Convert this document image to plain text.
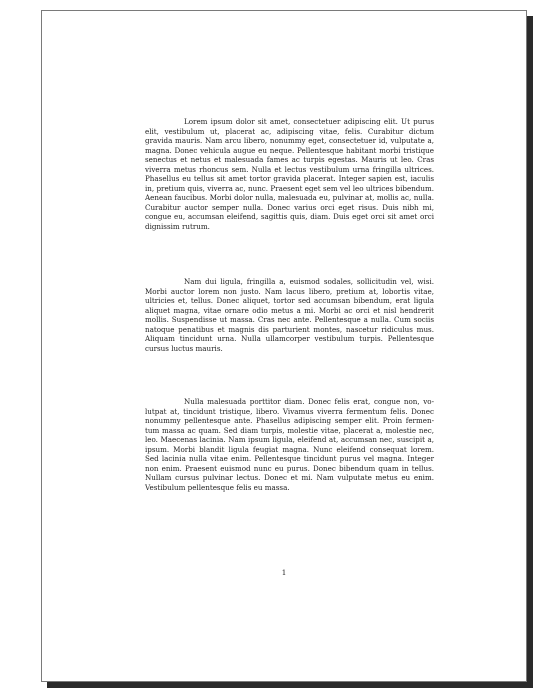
Lorem ipsum dolor sit amet, consectetuer adipiscing elit. Ut purus elit, vestibulum ut, placerat ac, adipiscing vitae, felis. Curabitur dictum gravida mauris. Nam arcu libero, nonummy eget, consectetuer id, vulputate a, magna. Donec vehicula augue eu neque. Pellentesque habitant morbi tristique senectus et netus et malesuada fames ac turpis egestas. Mauris ut leo. Cras viverra metus rhoncus sem. Nulla et lectus vestibulum urna fringilla ultrices. Phasellus eu tellus sit amet tortor gravida placerat. Integer sapien est, iaculis in, pretium quis, viverra ac, nunc. Praesent eget sem vel leo ultrices bibendum. Aenean faucibus. Morbi dolor nulla, malesuada eu, pulvinar at, mollis ac, nulla. Curabitur auctor semper nulla. Donec varius orci eget risus. Duis nibh mi, congue eu, accumsan eleifend, sagittis quis, diam. Duis eget orci sit amet orci dignissim rutrum.

Nam dui ligula, fringilla a, euismod sodales, sollicitudin vel, wisi. Morbi auctor lorem non justo. Nam lacus libero, pretium at, lobortis vitae, ultricies et, tellus. Donec aliquet, tortor sed accumsan bibendum, erat ligula aliquet magna, vitae ornare odio metus a mi. Morbi ac orci et nisl hendrerit mollis. Suspendisse ut massa. Cras nec ante. Pellentesque a nulla. Cum sociis natoque penatibus et magnis dis parturient montes, nascetur ridiculus mus. Aliquam tincidunt urna. Nulla ullamcorper vestibulum turpis. Pellentesque cursus luctus mauris.

Nulla malesuada porttitor diam. Donec felis erat, congue non, volutpat at, tincidunt tristique, libero. Vivamus viverra fermentum felis. Donec nonummy pellentesque ante. Phasellus adipiscing semper elit. Proin fermentum massa ac quam. Sed diam turpis, molestie vitae, placerat a, molestie nec, leo. Maecenas lacinia. Nam ipsum ligula, eleifend at, accumsan nec, suscipit a, ipsum. Morbi blandit ligula feugiat magna. Nunc eleifend consequat lorem. Sed lacinia nulla vitae enim. Pellentesque tincidunt purus vel magna. Integer non enim. Praesent euismod nunc eu purus. Donec bibendum quam in tellus. Nullam cursus pulvinar lectus. Donec et mi. Nam vulputate metus eu enim. Vestibulum pellentesque felis eu massa.

1
